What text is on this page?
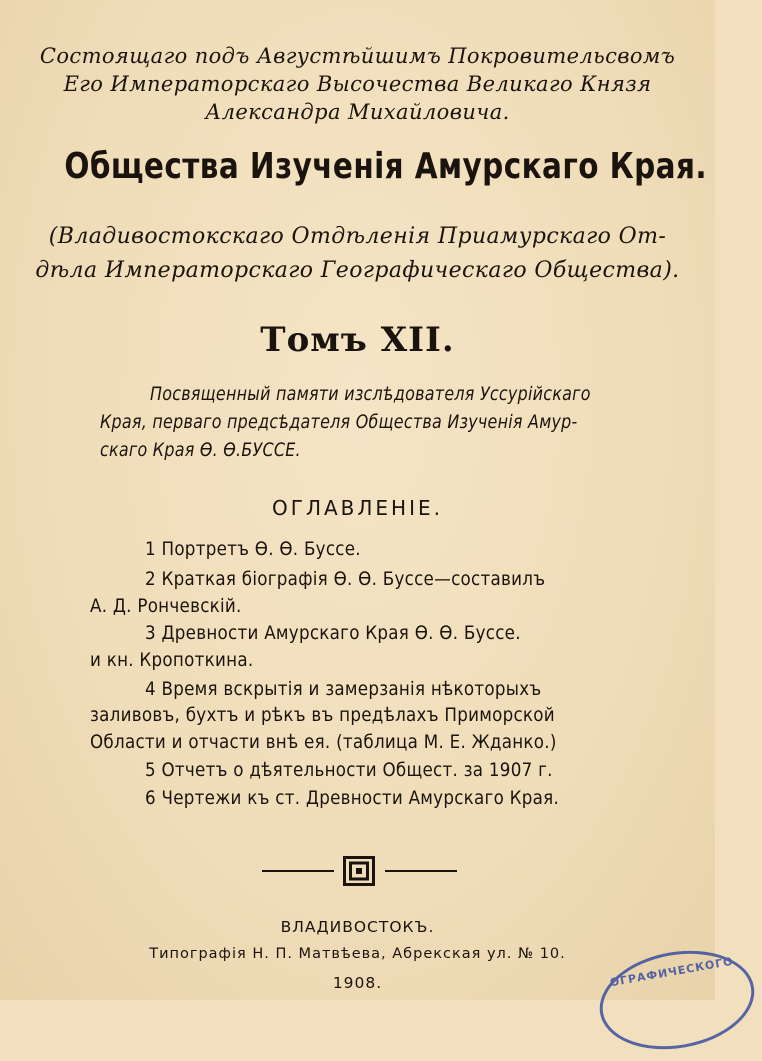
Состоящаго подъ Августѣйшимъ Покровительсвомъ
Его Императорскаго Высочества Великаго Князя
Александра Михайловича.
Общества Изученія Амурскаго Края.
(Владивостокскаго Отдѣленія Приамурскаго От-
дѣла Императорскаго Географическаго Общества).
Томъ XII.
Посвященный памяти изслѣдователя Уссурійскаго
Края, перваго предсѣдателя Общества Изученія Амур-
скаго Края Ѳ. Ѳ.БУССЕ.
ОГЛАВЛЕНІЕ.
1 Портретъ Ѳ. Ѳ. Буссе.
2 Краткая біографія Ѳ. Ѳ. Буссе—составилъ
А. Д. Рончевскій.
3 Древности Амурскаго Края Ѳ. Ѳ. Буссе.
и кн. Кропоткина.
4 Время вскрытія и замерзанія нѣкоторыхъ
заливовъ, бухтъ и рѣкъ въ предѣлахъ Приморской
Области и отчасти внѣ ея. (таблица М. Е. Жданко.)
5 Отчетъ о дѣятельности Общест. за 1907 г.
6 Чертежи къ ст. Древности Амурскаго Края.
ВЛАДИВОСТОКЪ.
Типографія Н. П. Матвѣева, Абрекская ул. № 10.
1908.	ОГРАФИЧЕСКОГО
